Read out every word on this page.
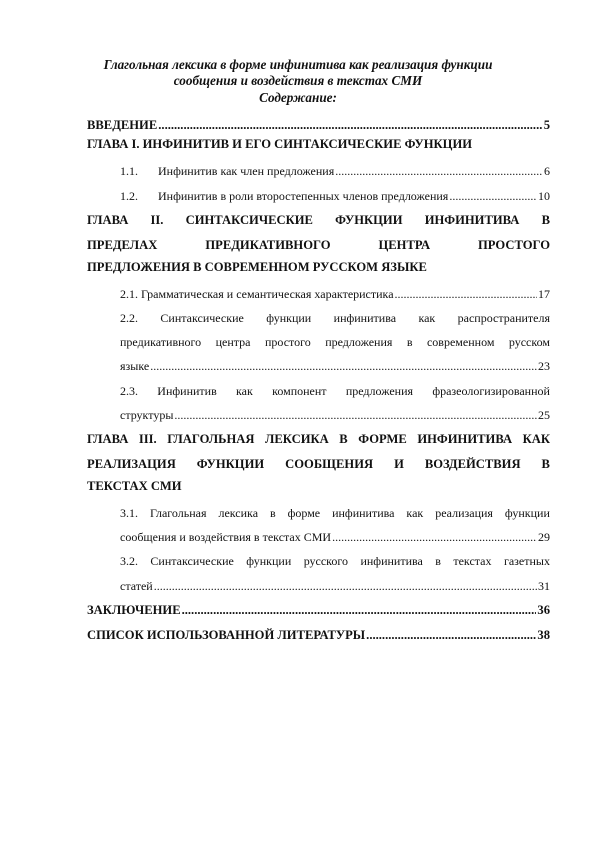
Глагольная лексика в форме инфинитива как реализация функции
сообщения и воздействия в текстах СМИ
Содержание:
ВВЕДЕНИЕ .....	5
ГЛАВА I. ИНФИНИТИВ И ЕГО СИНТАКСИЧЕСКИЕ ФУНКЦИИ
1.1.	Инфинитив как член предложения .....	6
1.2.	Инфинитив в роли второстепенных членов предложения .....	10
ГЛАВА II. СИНТАКСИЧЕСКИЕ ФУНКЦИИ ИНФИНИТИВА В
ПРЕДЕЛАХ	ПРЕДИКАТИВНОГО	ЦЕНТРА	ПРОСТОГО
ПРЕДЛОЖЕНИЯ В СОВРЕМЕННОМ РУССКОМ ЯЗЫКЕ
2.1. Грамматическая и семантическая характеристика .....	17
2.2. Синтаксические функции инфинитива как распространителя
предикативного центра простого предложения в современном русском
языке .....	23
2.3. Инфинитив как компонент предложения фразеологизированной
структуры .....	25
ГЛАВА III. ГЛАГОЛЬНАЯ ЛЕКСИКА В ФОРМЕ ИНФИНИТИВА КАК
РЕАЛИЗАЦИЯ ФУНКЦИИ СООБЩЕНИЯ И ВОЗДЕЙСТВИЯ В
ТЕКСТАХ СМИ
3.1. Глагольная лексика в форме инфинитива как реализация функции
сообщения и воздействия в текстах СМИ .....	29
3.2. Синтаксические функции русского инфинитива в текстах газетных
статей .....	31
ЗАКЛЮЧЕНИЕ .....	36
СПИСОК ИСПОЛЬЗОВАННОЙ ЛИТЕРАТУРЫ .....	38
